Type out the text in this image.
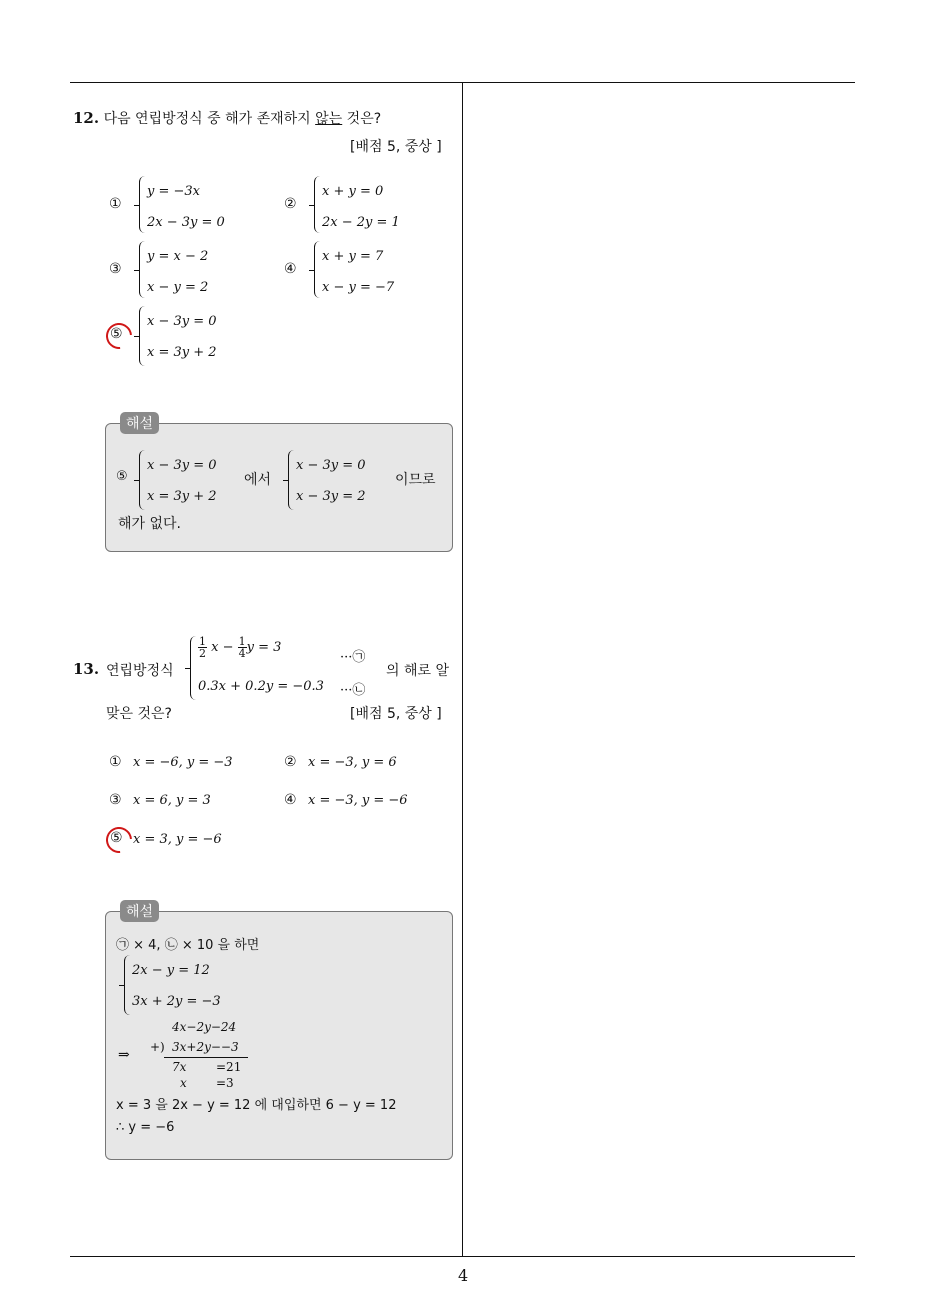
4
12. 다음 연립방정식 중 해가 존재하지 않는 것은?
[배점 5, 중상 ]
①
y = −3x
2x − 3y = 0
②
x + y = 0
2x − 2y = 1
③
y = x − 2
x − y = 2
④
x + y = 7
x − y = −7
⑤
x − 3y = 0
x = 3y + 2
해설
⑤
x − 3y = 0
x = 3y + 2
에서
x − 3y = 0
x − 3y = 2
이므로
해가 없다.
13. 연립방정식
$\frac{1}{2}$ $x - \frac{1}{4}$ y = 3
···㉠
0.3x + 0.2y = −0.3 ···㉡
의 해로 알
맞은 것은?	[배점 5, 중상 ]
① x = −6, y = −3	② x = −3, y = 6
③ x = 6, y = 3	④ x = −3, y = −6
⑤ x = 3, y = −6
해설
㉠ × 4, ㉡ × 10 을 하면
2x − y = 12
3x + 2y = −3
4x−2y−24
⇒ +) 3x+2y−−3
7x =21
x =3
x = 3 을 2x − y = 12 에 대입하면 6 − y = 12
∴ y = −6
